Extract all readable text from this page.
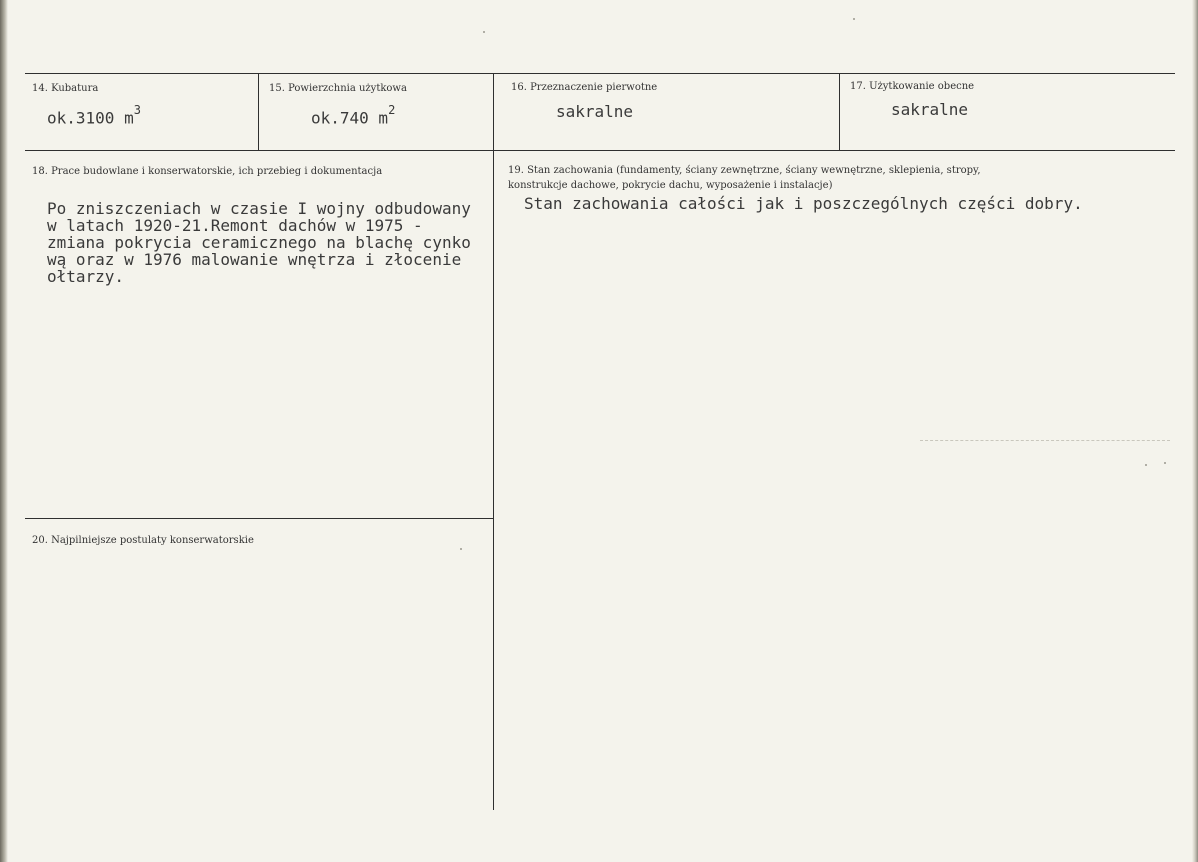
14. Kubatura
ok.3100 $m^3$
15. Powierzchnia użytkowa
ok.740 $m^2$
16. Przeznaczenie pierwotne
sakralne
17. Użytkowanie obecne
sakralne
18. Prace budowlane i konserwatorskie, ich przebieg i dokumentacja
Po zniszczeniach w czasie I wojny odbudowany
w latach 1920-21.Remont dachów w 1975 -
zmiana pokrycia ceramicznego na blachę cynko
wą oraz w 1976 malowanie wnętrza i złocenie
ołtarzy.
19. Stan zachowania (fundamenty, ściany zewnętrzne, ściany wewnętrzne, sklepienia, stropy,
konstrukcje dachowe, pokrycie dachu, wyposażenie i instalacje)
Stan zachowania całości jak i poszczególnych części dobry.
20. Najpilniejsze postulaty konserwatorskie
